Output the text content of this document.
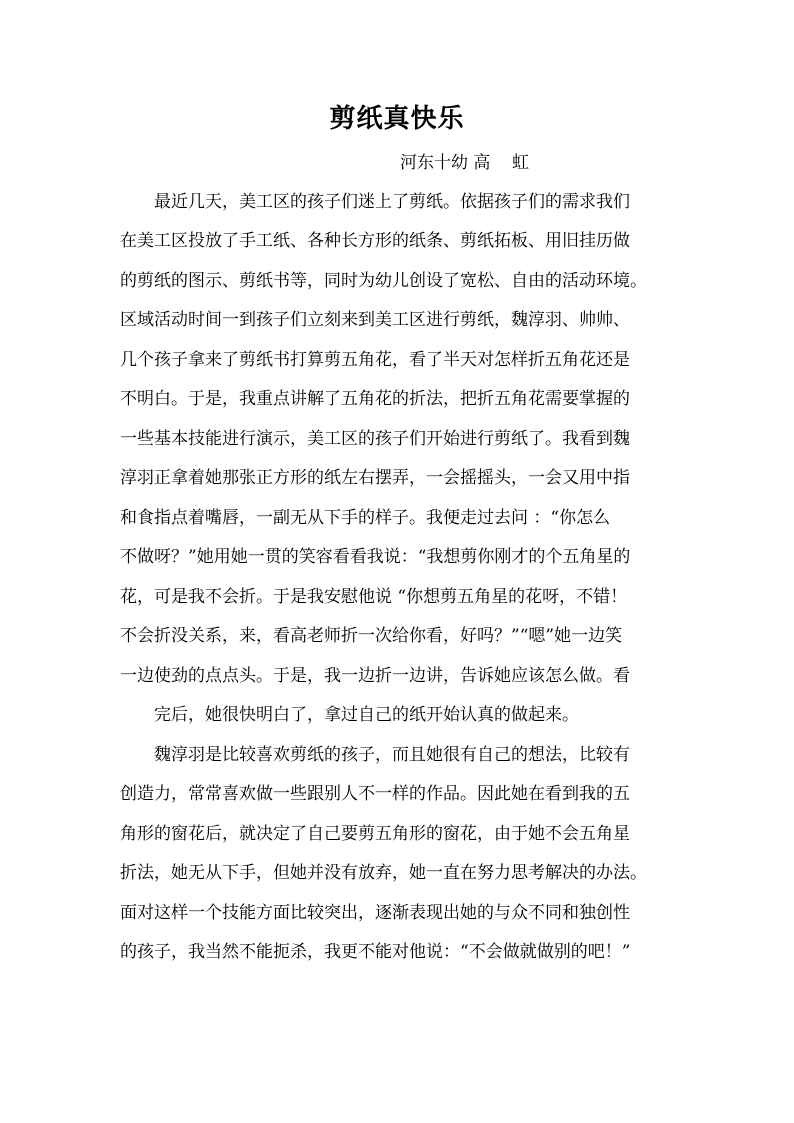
剪纸真快乐
河东十幼 高    虹
　　最近几天，美工区的孩子们迷上了剪纸。依据孩子们的需求我们
在美工区投放了手工纸、各种长方形的纸条、剪纸拓板、用旧挂历做
的剪纸的图示、剪纸书等，同时为幼儿创设了宽松、自由的活动环境。
区域活动时间一到孩子们立刻来到美工区进行剪纸，魏淳羽、帅帅、
几个孩子拿来了剪纸书打算剪五角花，看了半天对怎样折五角花还是
不明白。于是，我重点讲解了五角花的折法，把折五角花需要掌握的
一些基本技能进行演示，美工区的孩子们开始进行剪纸了。我看到魏
淳羽正拿着她那张正方形的纸左右摆弄，一会摇摇头，一会又用中指
和食指点着嘴唇，一副无从下手的样子。我便走过去问 ：“你怎么
不做呀？”她用她一贯的笑容看看我说：“我想剪你刚才的个五角星的
花，可是我不会折。于是我安慰他说 “你想剪五角星的花呀，不错！
不会折没关系，来，看高老师折一次给你看，好吗？”“嗯”她一边笑
一边使劲的点点头。于是，我一边折一边讲，告诉她应该怎么做。看
　　完后，她很快明白了，拿过自己的纸开始认真的做起来。
　　魏淳羽是比较喜欢剪纸的孩子，而且她很有自己的想法，比较有
创造力，常常喜欢做一些跟别人不一样的作品。因此她在看到我的五
角形的窗花后，就决定了自己要剪五角形的窗花，由于她不会五角星
折法，她无从下手，但她并没有放弃，她一直在努力思考解决的办法。
面对这样一个技能方面比较突出，逐渐表现出她的与众不同和独创性
的孩子，我当然不能扼杀，我更不能对他说：“不会做就做别的吧！”
